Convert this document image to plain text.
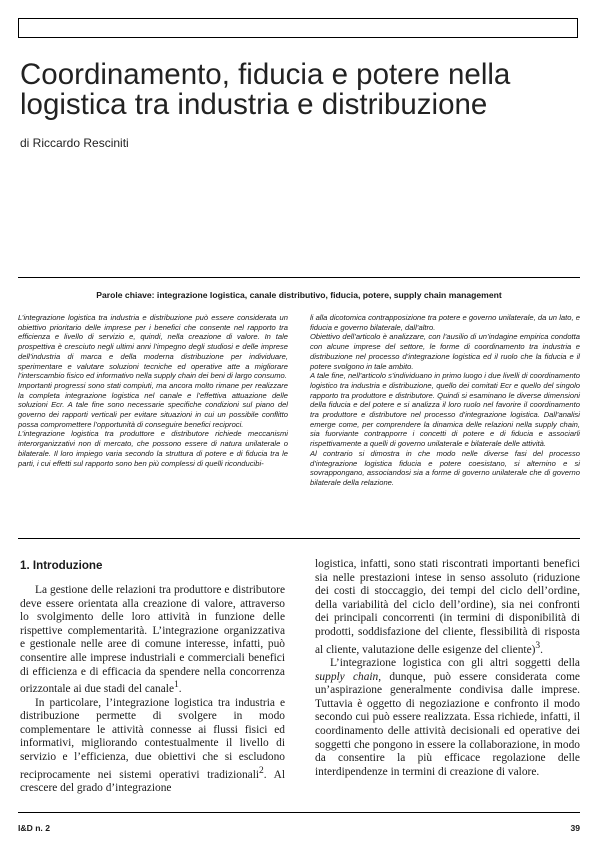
Coordinamento, fiducia e potere nella logistica tra industria e distribuzione
di Riccardo Resciniti
Parole chiave: integrazione logistica, canale distributivo, fiducia, potere, supply chain management

L’integrazione logistica tra industria e distribuzione può essere considerata un obiettivo prioritario delle imprese per i benefici che consente nel rapporto tra efficienza e livello di servizio e, quindi, nella creazione di valore. In tale prospettiva è cresciuto negli ultimi anni l’impegno degli studiosi e delle imprese dell’industria di marca e della moderna distribuzione per individuare, sperimentare e valutare soluzioni tecniche ed operative atte a migliorare l’interscambio fisico ed informativo nella supply chain dei beni di largo consumo.

Importanti progressi sono stati compiuti, ma ancora molto rimane per realizzare la completa integrazione logistica nel canale e l’effettiva attuazione delle soluzioni Ecr. A tale fine sono necessarie specifiche condizioni sul piano del governo dei rapporti verticali per evitare situazioni in cui un possibile conflitto possa compromettere l’opportunità di conseguire benefici reciproci.

L’integrazione logistica tra produttore e distributore richiede meccanismi interorganizzativi non di mercato, che possono essere di natura unilaterale o bilaterale. Il loro impiego varia secondo la struttura di potere e di fiducia tra le parti, i cui effetti sul rapporto sono ben più complessi di quelli riconducibi-

li alla dicotomica contrapposizione tra potere e governo unilaterale, da un lato, e fiducia e governo bilaterale, dall’altro.

Obiettivo dell’articolo è analizzare, con l’ausilio di un’indagine empirica condotta con alcune imprese del settore, le forme di coordinamento tra industria e distribuzione nel processo d’integrazione logistica ed il ruolo che la fiducia e il potere svolgono in tale ambito.

A tale fine, nell’articolo s’individuano in primo luogo i due livelli di coordinamento logistico tra industria e distribuzione, quello dei comitati Ecr e quello del singolo rapporto tra produttore e distributore. Quindi si esaminano le diverse dimensioni della fiducia e del potere e si analizza il loro ruolo nel favorire il coordinamento tra produttore e distributore nel processo d’integrazione logistica. Dall’analisi emerge come, per comprendere la dinamica delle relazioni nella supply chain, sia fuorviante contrapporre i concetti di potere e di fiducia e associarli rispettivamente a quelli di governo unilaterale e bilaterale delle attività.

Al contrario si dimostra in che modo nelle diverse fasi del processo d’integrazione logistica fiducia e potere coesistano, si alternino e si sovrappongano, associandosi sia a forme di governo unilaterale che di governo bilaterale della relazione.

1. Introduzione

La gestione delle relazioni tra produttore e distributore deve essere orientata alla creazione di valore, attraverso lo svolgimento delle loro attività in funzione delle rispettive complementarità. L’integrazione organizzativa e gestionale nelle aree di comune interesse, infatti, può consentire alle imprese industriali e commerciali benefici di efficienza e di efficacia da spendere nella concorrenza orizzontale ai due stadi del canale$^1$.

In particolare, l’integrazione logistica tra industria e distribuzione permette di svolgere in modo complementare le attività connesse ai flussi fisici ed informativi, migliorando contestualmente il livello di servizio e l’efficienza, due obiettivi che si escludono reciprocamente nei sistemi operativi tradizionali$^2$. Al crescere del grado d’integrazione

logistica, infatti, sono stati riscontrati importanti benefici sia nelle prestazioni intese in senso assoluto (riduzione dei costi di stoccaggio, dei tempi del ciclo dell’ordine, della variabilità del ciclo dell’ordine), sia nei confronti dei principali concorrenti (in termini di disponibilità di prodotti, soddisfazione del cliente, flessibilità di risposta al cliente, valutazione delle esigenze del cliente)$^3$.

L’integrazione logistica con gli altri soggetti della supply chain, dunque, può essere considerata come un’aspirazione generalmente condivisa dalle imprese. Tuttavia è oggetto di negoziazione e confronto il modo secondo cui può essere realizzata. Essa richiede, infatti, il coordinamento delle attività decisionali ed operative dei soggetti che pongono in essere la collaborazione, in modo da consentire la più efficace regolazione delle interdipendenze in termini di creazione di valore.

I&D n. 2	39
